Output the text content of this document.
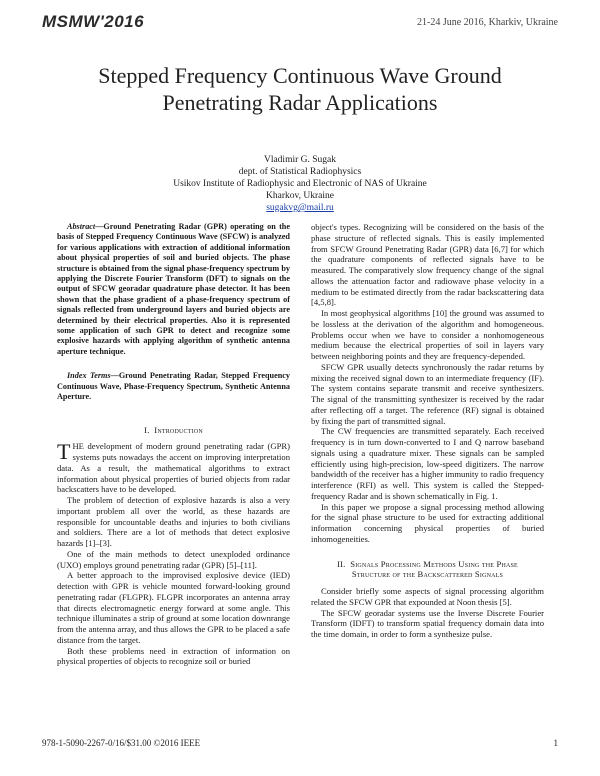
MSMW'2016	21-24 June 2016, Kharkiv, Ukraine
Stepped Frequency Continuous Wave Ground
Penetrating Radar Applications
Vladimir G. Sugak
dept. of Statistical Radiophysics
Usikov Institute of Radiophysic and Electronic of NAS of Ukraine
Kharkov, Ukraine
sugakvg@mail.ru

Abstract—Ground Penetrating Radar (GPR) operating on the basis of Stepped Frequency Continuous Wave (SFCW) is analyzed for various applications with extraction of additional information about physical properties of soil and buried objects. The phase structure is obtained from the signal phase-frequency spectrum by applying the Discrete Fourier Transform (DFT) to signals on the output of SFCW georadar quadrature phase detector. It has been shown that the phase gradient of a phase-frequency spectrum of signals reflected from underground layers and buried objects are determined by their electrical properties. Also it is represented some application of such GPR to detect and recognize some explosive hazards with applying algorithm of synthetic antenna aperture technique.

Index Terms—Ground Penetrating Radar, Stepped Frequency Continuous Wave, Phase-Frequency Spectrum, Synthetic Antenna Aperture.

I. Introduction

THE development of modern ground penetrating radar (GPR) systems puts nowadays the accent on improving interpretation data. As a result, the mathematical algorithms to extract information about physical properties of buried objects from radar backscatters have to be developed.

The problem of detection of explosive hazards is also a very important problem all over the world, as these hazards are responsible for uncountable deaths and injuries to both civilians and soldiers. There are a lot of methods that detect explosive hazards [1]–[3].

One of the main methods to detect unexploded ordinance (UXO) employs ground penetrating radar (GPR) [5]–[11].

A better approach to the improvised explosive device (IED) detection with GPR is vehicle mounted forward-looking ground penetrating radar (FLGPR). FLGPR incorporates an antenna array that directs electromagnetic energy forward at some angle. This technique illuminates a strip of ground at some location downrange from the antenna array, and thus allows the GPR to be placed a safe distance from the target.

Both these problems need in extraction of information on physical properties of objects to recognize soil or buried

object's types. Recognizing will be considered on the basis of the phase structure of reflected signals. This is easily implemented from SFCW Ground Penetrating Radar (GPR) data [6,7] for which the quadrature components of reflected signals have to be measured. The comparatively slow frequency change of the signal allows the attenuation factor and radiowave phase velocity in a medium to be estimated directly from the radar backscattering data [4,5,8].

In most geophysical algorithms [10] the ground was assumed to be lossless at the derivation of the algorithm and homogeneous. Problems occur when we have to consider a nonhomogeneous medium because the electrical properties of soil in layers vary between neighboring points and they are frequency-depended.

SFCW GPR usually detects synchronously the radar returns by mixing the received signal down to an intermediate frequency (IF). The system contains separate transmit and receive synthesizers. The signal of the transmitting synthesizer is received by the radar after reflecting off a target. The reference (RF) signal is obtained by fixing the part of transmitted signal.

The CW frequencies are transmitted separately. Each received frequency is in turn down-converted to I and Q narrow baseband signals using a quadrature mixer. These signals can be sampled efficiently using high-precision, low-speed digitizers. The narrow bandwidth of the receiver has a higher immunity to radio frequency interference (RFI) as well. This system is called the Stepped-frequency Radar and is shown schematically in Fig. 1.

In this paper we propose a signal processing method allowing for the signal phase structure to be used for extracting additional information concerning physical properties of buried inhomogeneities.

II. Signals Processing Methods Using the Phase
Structure of the Backscattered Signals

Consider briefly some aspects of signal processing algorithm related the SFCW GPR that expounded at Noon thesis [5].

The SFCW georadar systems use the Inverse Discrete Fourier Transform (IDFT) to transform spatial frequency domain data into the time domain, in order to form a synthesize pulse.

978-1-5090-2267-0/16/$31.00 ©2016 IEEE	1
